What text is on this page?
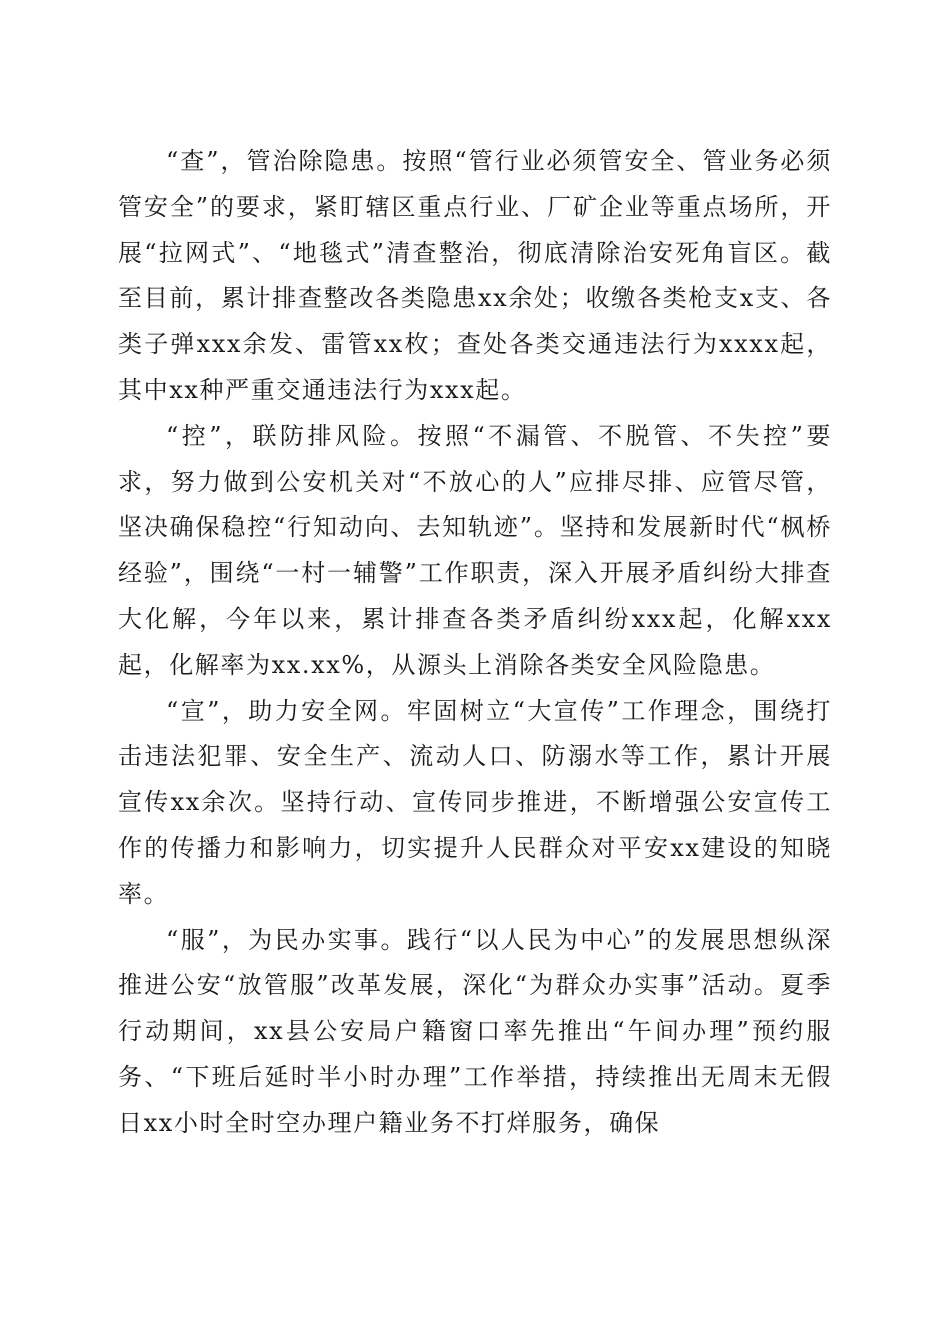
“查”，管治除隐患。按照“管行业必须管安全、管业务必须管安全”的要求，紧盯辖区重点行业、厂矿企业等重点场所，开展“拉网式”、“地毯式”清查整治，彻底清除治安死角盲区。截至目前，累计排查整改各类隐患xx余处；收缴各类枪支x支、各类子弹xxx余发、雷管xx枚；查处各类交通违法行为xxxx起，其中xx种严重交通违法行为xxx起。

“控”，联防排风险。按照“不漏管、不脱管、不失控”要求，努力做到公安机关对“不放心的人”应排尽排、应管尽管，坚决确保稳控“行知动向、去知轨迹”。坚持和发展新时代“枫桥经验”，围绕“一村一辅警”工作职责，深入开展矛盾纠纷大排查大化解，今年以来，累计排查各类矛盾纠纷xxx起，化解xxx起，化解率为xx.xx%，从源头上消除各类安全风险隐患。

“宣”，助力安全网。牢固树立“大宣传”工作理念，围绕打击违法犯罪、安全生产、流动人口、防溺水等工作，累计开展宣传xx余次。坚持行动、宣传同步推进，不断增强公安宣传工作的传播力和影响力，切实提升人民群众对平安xx建设的知晓率。

“服”，为民办实事。践行“以人民为中心”的发展思想纵深推进公安“放管服”改革发展，深化“为群众办实事”活动。夏季行动期间，xx县公安局户籍窗口率先推出“午间办理”预约服务、“下班后延时半小时办理”工作举措，持续推出无周末无假日xx小时全时空办理户籍业务不打烊服务，确保
